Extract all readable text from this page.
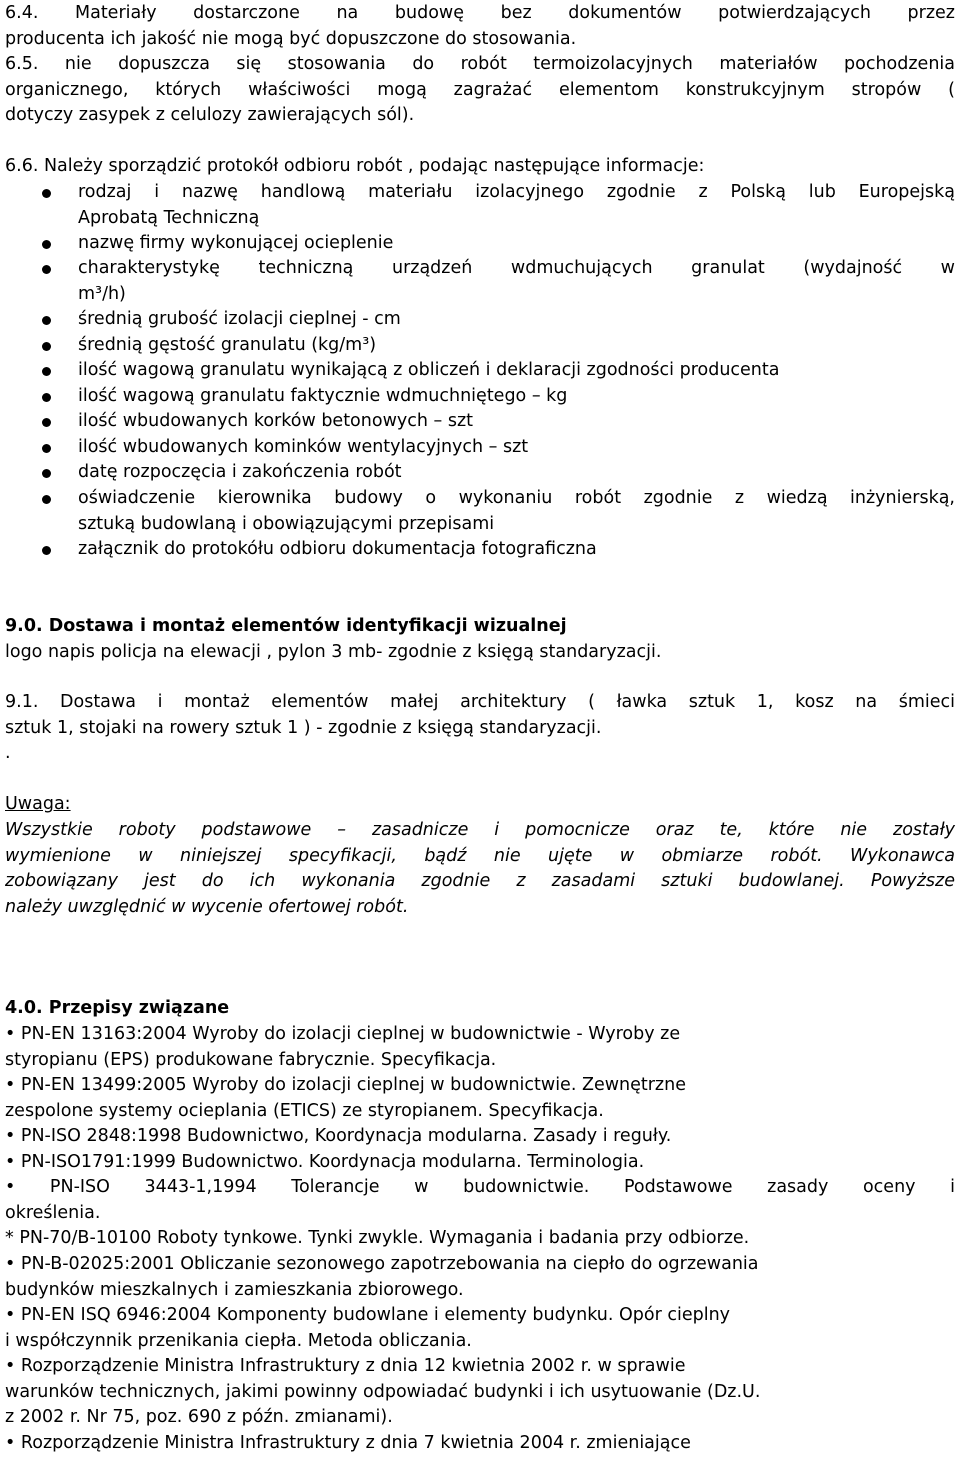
6.4. Materiały dostarczone na budowę bez dokumentów potwierdzających przez
producenta ich jakość nie mogą być dopuszczone do stosowania.

6.5. nie dopuszcza się stosowania do robót termoizolacyjnych materiałów pochodzenia
organicznego, których właściwości mogą zagrażać elementom konstrukcyjnym stropów (
dotyczy zasypek z celulozy zawierających sól).

6.6. Należy sporządzić protokół odbioru robót , podając następujące informacje:

rodzaj i nazwę handlową materiału izolacyjnego zgodnie z Polską lub Europejską
Aprobatą Techniczną

nazwę firmy wykonującej ocieplenie

charakterystykę techniczną urządzeń wdmuchujących granulat (wydajność w
m³/h)

średnią grubość izolacji cieplnej - cm

średnią gęstość granulatu (kg/m³)

ilość wagową granulatu wynikającą z obliczeń i deklaracji zgodności producenta

ilość wagową granulatu faktycznie wdmuchniętego – kg

ilość wbudowanych korków betonowych – szt

ilość wbudowanych kominków wentylacyjnych – szt

datę rozpoczęcia i zakończenia robót

oświadczenie kierownika budowy o wykonaniu robót zgodnie z wiedzą inżynierską,
sztuką budowlaną i obowiązującymi przepisami

załącznik do protokółu odbioru dokumentacja fotograficzna

9.0. Dostawa i montaż elementów identyfikacji wizualnej

logo napis policja na elewacji , pylon 3 mb- zgodnie z księgą standaryzacji.

9.1. Dostawa i montaż elementów małej architektury ( ławka sztuk 1, kosz na śmieci
sztuk 1, stojaki na rowery sztuk 1 ) - zgodnie z księgą standaryzacji.
.

Uwaga:

Wszystkie roboty podstawowe – zasadnicze i pomocnicze oraz te, które nie zostały
wymienione w niniejszej specyfikacji, bądź nie ujęte w obmiarze robót. Wykonawca
zobowiązany jest do ich wykonania zgodnie z zasadami sztuki budowlanej. Powyższe
należy uwzględnić w wycenie ofertowej robót.

4.0. Przepisy związane

• PN-EN 13163:2004 Wyroby do izolacji cieplnej w budownictwie - Wyroby ze
styropianu (EPS) produkowane fabrycznie. Specyfikacja.

• PN-EN 13499:2005 Wyroby do izolacji cieplnej w budownictwie. Zewnętrzne
zespolone systemy ocieplania (ETICS) ze styropianem. Specyfikacja.

• PN-ISO 2848:1998 Budownictwo, Koordynacja modularna. Zasady i reguły.

• PN-ISO1791:1999 Budownictwo. Koordynacja modularna. Terminologia.

• PN-ISO 3443-1,1994 Tolerancje w budownictwie. Podstawowe zasady oceny i
określenia.

* PN-70/B-10100 Roboty tynkowe. Tynki zwykle. Wymagania i badania przy odbiorze.

• PN-B-02025:2001 Obliczanie sezonowego zapotrzebowania na ciepło do ogrzewania
budynków mieszkalnych i zamieszkania zbiorowego.

• PN-EN ISQ 6946:2004 Komponenty budowlane i elementy budynku. Opór cieplny
i współczynnik przenikania ciepła. Metoda obliczania.

• Rozporządzenie Ministra Infrastruktury z dnia 12 kwietnia 2002 r. w sprawie
warunków technicznych, jakimi powinny odpowiadać budynki i ich usytuowanie (Dz.U.
z 2002 r. Nr 75, poz. 690 z późn. zmianami).

• Rozporządzenie Ministra Infrastruktury z dnia 7 kwietnia 2004 r. zmieniające
